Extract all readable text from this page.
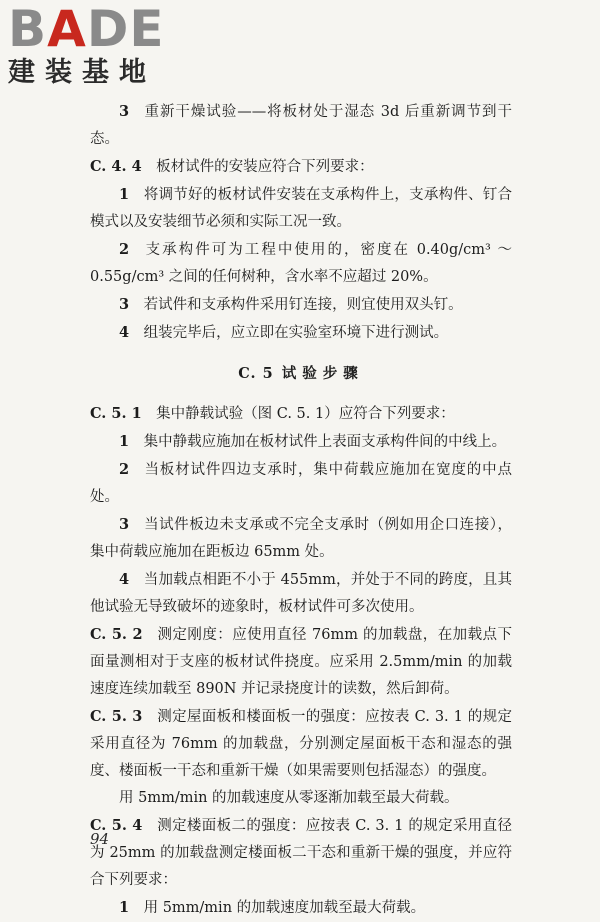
BADE
建装基地

3  重新干燥试验——将板材处于湿态 3d 后重新调节到干态。

C. 4. 4  板材试件的安装应符合下列要求：

1  将调节好的板材试件安装在支承构件上，支承构件、钉合模式以及安装细节必须和实际工况一致。

2  支承构件可为工程中使用的，密度在 0.40g/cm³ ～ 0.55g/cm³ 之间的任何树种，含水率不应超过 20%。

3  若试件和支承构件采用钉连接，则宜使用双头钉。

4  组装完毕后，应立即在实验室环境下进行测试。

C. 5 试验步骤

C. 5. 1  集中静载试验（图 C. 5. 1）应符合下列要求：

1  集中静载应施加在板材试件上表面支承构件间的中线上。

2  当板材试件四边支承时，集中荷载应施加在宽度的中点处。

3  当试件板边未支承或不完全支承时（例如用企口连接），集中荷载应施加在距板边 65mm 处。

4  当加载点相距不小于 455mm，并处于不同的跨度，且其他试验无导致破坏的迹象时，板材试件可多次使用。

C. 5. 2  测定刚度：应使用直径 76mm 的加载盘，在加载点下面量测相对于支座的板材试件挠度。应采用 2.5mm/min 的加载速度连续加载至 890N 并记录挠度计的读数，然后卸荷。

C. 5. 3  测定屋面板和楼面板一的强度：应按表 C. 3. 1 的规定采用直径为 76mm 的加载盘，分别测定屋面板干态和湿态的强度、楼面板一干态和重新干燥（如果需要则包括湿态）的强度。

用 5mm/min 的加载速度从零逐渐加载至最大荷载。

C. 5. 4  测定楼面板二的强度：应按表 C. 3. 1 的规定采用直径为 25mm 的加载盘测定楼面板二干态和重新干燥的强度，并应符合下列要求：

1  用 5mm/min 的加载速度加载至最大荷载。

94
